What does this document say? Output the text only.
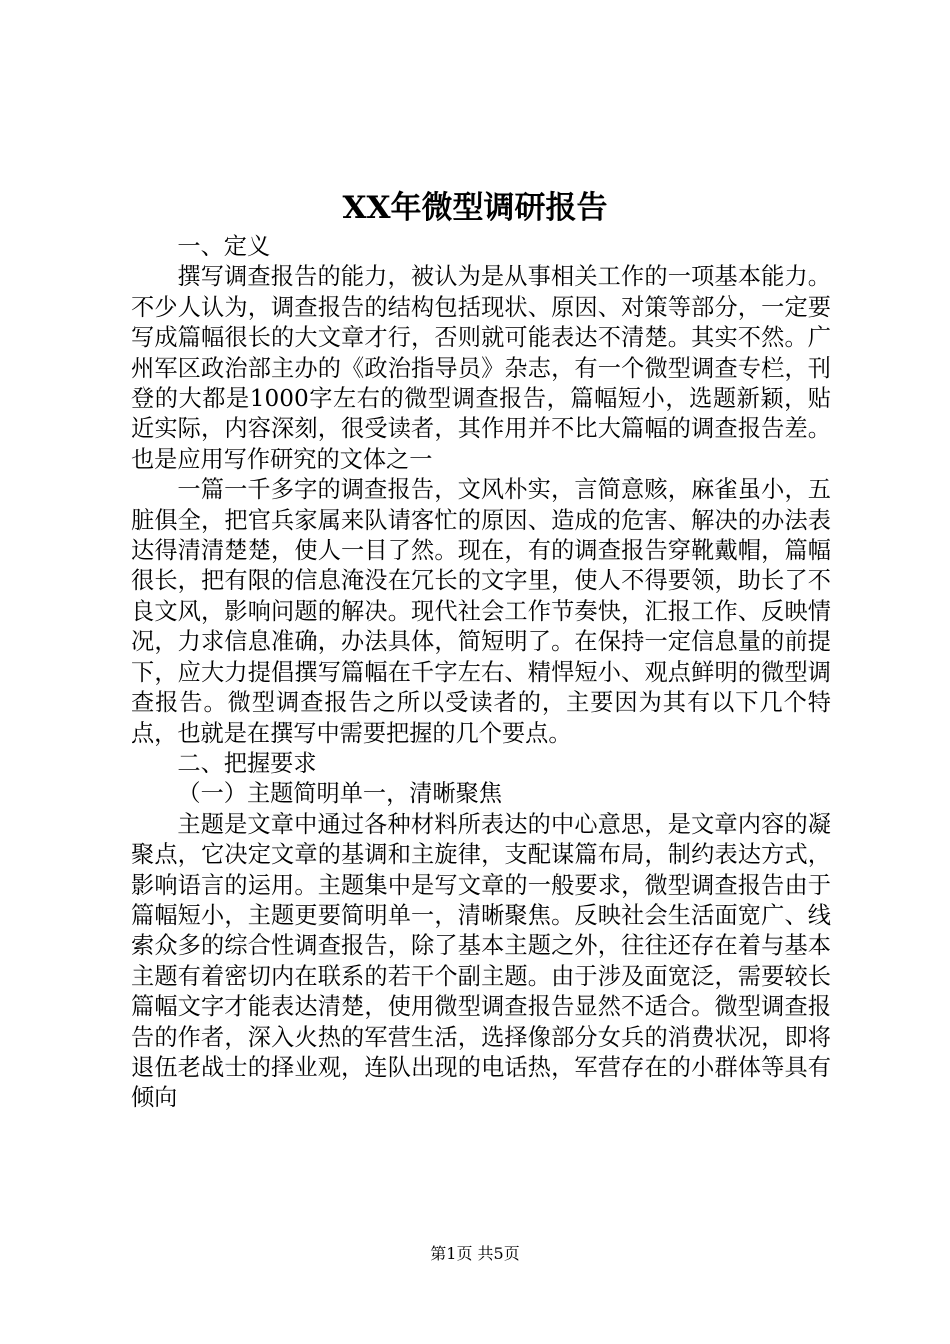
XX年微型调研报告

一、定义

撰写调查报告的能力，被认为是从事相关工作的一项基本能力。不少人认为，调查报告的结构包括现状、原因、对策等部分，一定要写成篇幅很长的大文章才行，否则就可能表达不清楚。其实不然。广州军区政治部主办的《政治指导员》杂志，有一个微型调查专栏，刊登的大都是1000字左右的微型调查报告，篇幅短小，选题新颖，贴近实际，内容深刻，很受读者，其作用并不比大篇幅的调查报告差。也是应用写作研究的文体之一

一篇一千多字的调查报告，文风朴实，言简意赅，麻雀虽小，五脏俱全，把官兵家属来队请客忙的原因、造成的危害、解决的办法表达得清清楚楚，使人一目了然。现在，有的调查报告穿靴戴帽，篇幅很长，把有限的信息淹没在冗长的文字里，使人不得要领，助长了不良文风，影响问题的解决。现代社会工作节奏快，汇报工作、反映情况，力求信息准确，办法具体，简短明了。在保持一定信息量的前提下，应大力提倡撰写篇幅在千字左右、精悍短小、观点鲜明的微型调查报告。微型调查报告之所以受读者的，主要因为其有以下几个特点，也就是在撰写中需要把握的几个要点。

二、把握要求

（一）主题简明单一，清晰聚焦

主题是文章中通过各种材料所表达的中心意思，是文章内容的凝聚点，它决定文章的基调和主旋律，支配谋篇布局，制约表达方式，影响语言的运用。主题集中是写文章的一般要求，微型调查报告由于篇幅短小，主题更要简明单一，清晰聚焦。反映社会生活面宽广、线索众多的综合性调查报告，除了基本主题之外，往往还存在着与基本主题有着密切内在联系的若干个副主题。由于涉及面宽泛，需要较长篇幅文字才能表达清楚，使用微型调查报告显然不适合。微型调查报告的作者，深入火热的军营生活，选择像部分女兵的消费状况，即将退伍老战士的择业观，连队出现的电话热，军营存在的小群体等具有倾向

第1页 共5页
